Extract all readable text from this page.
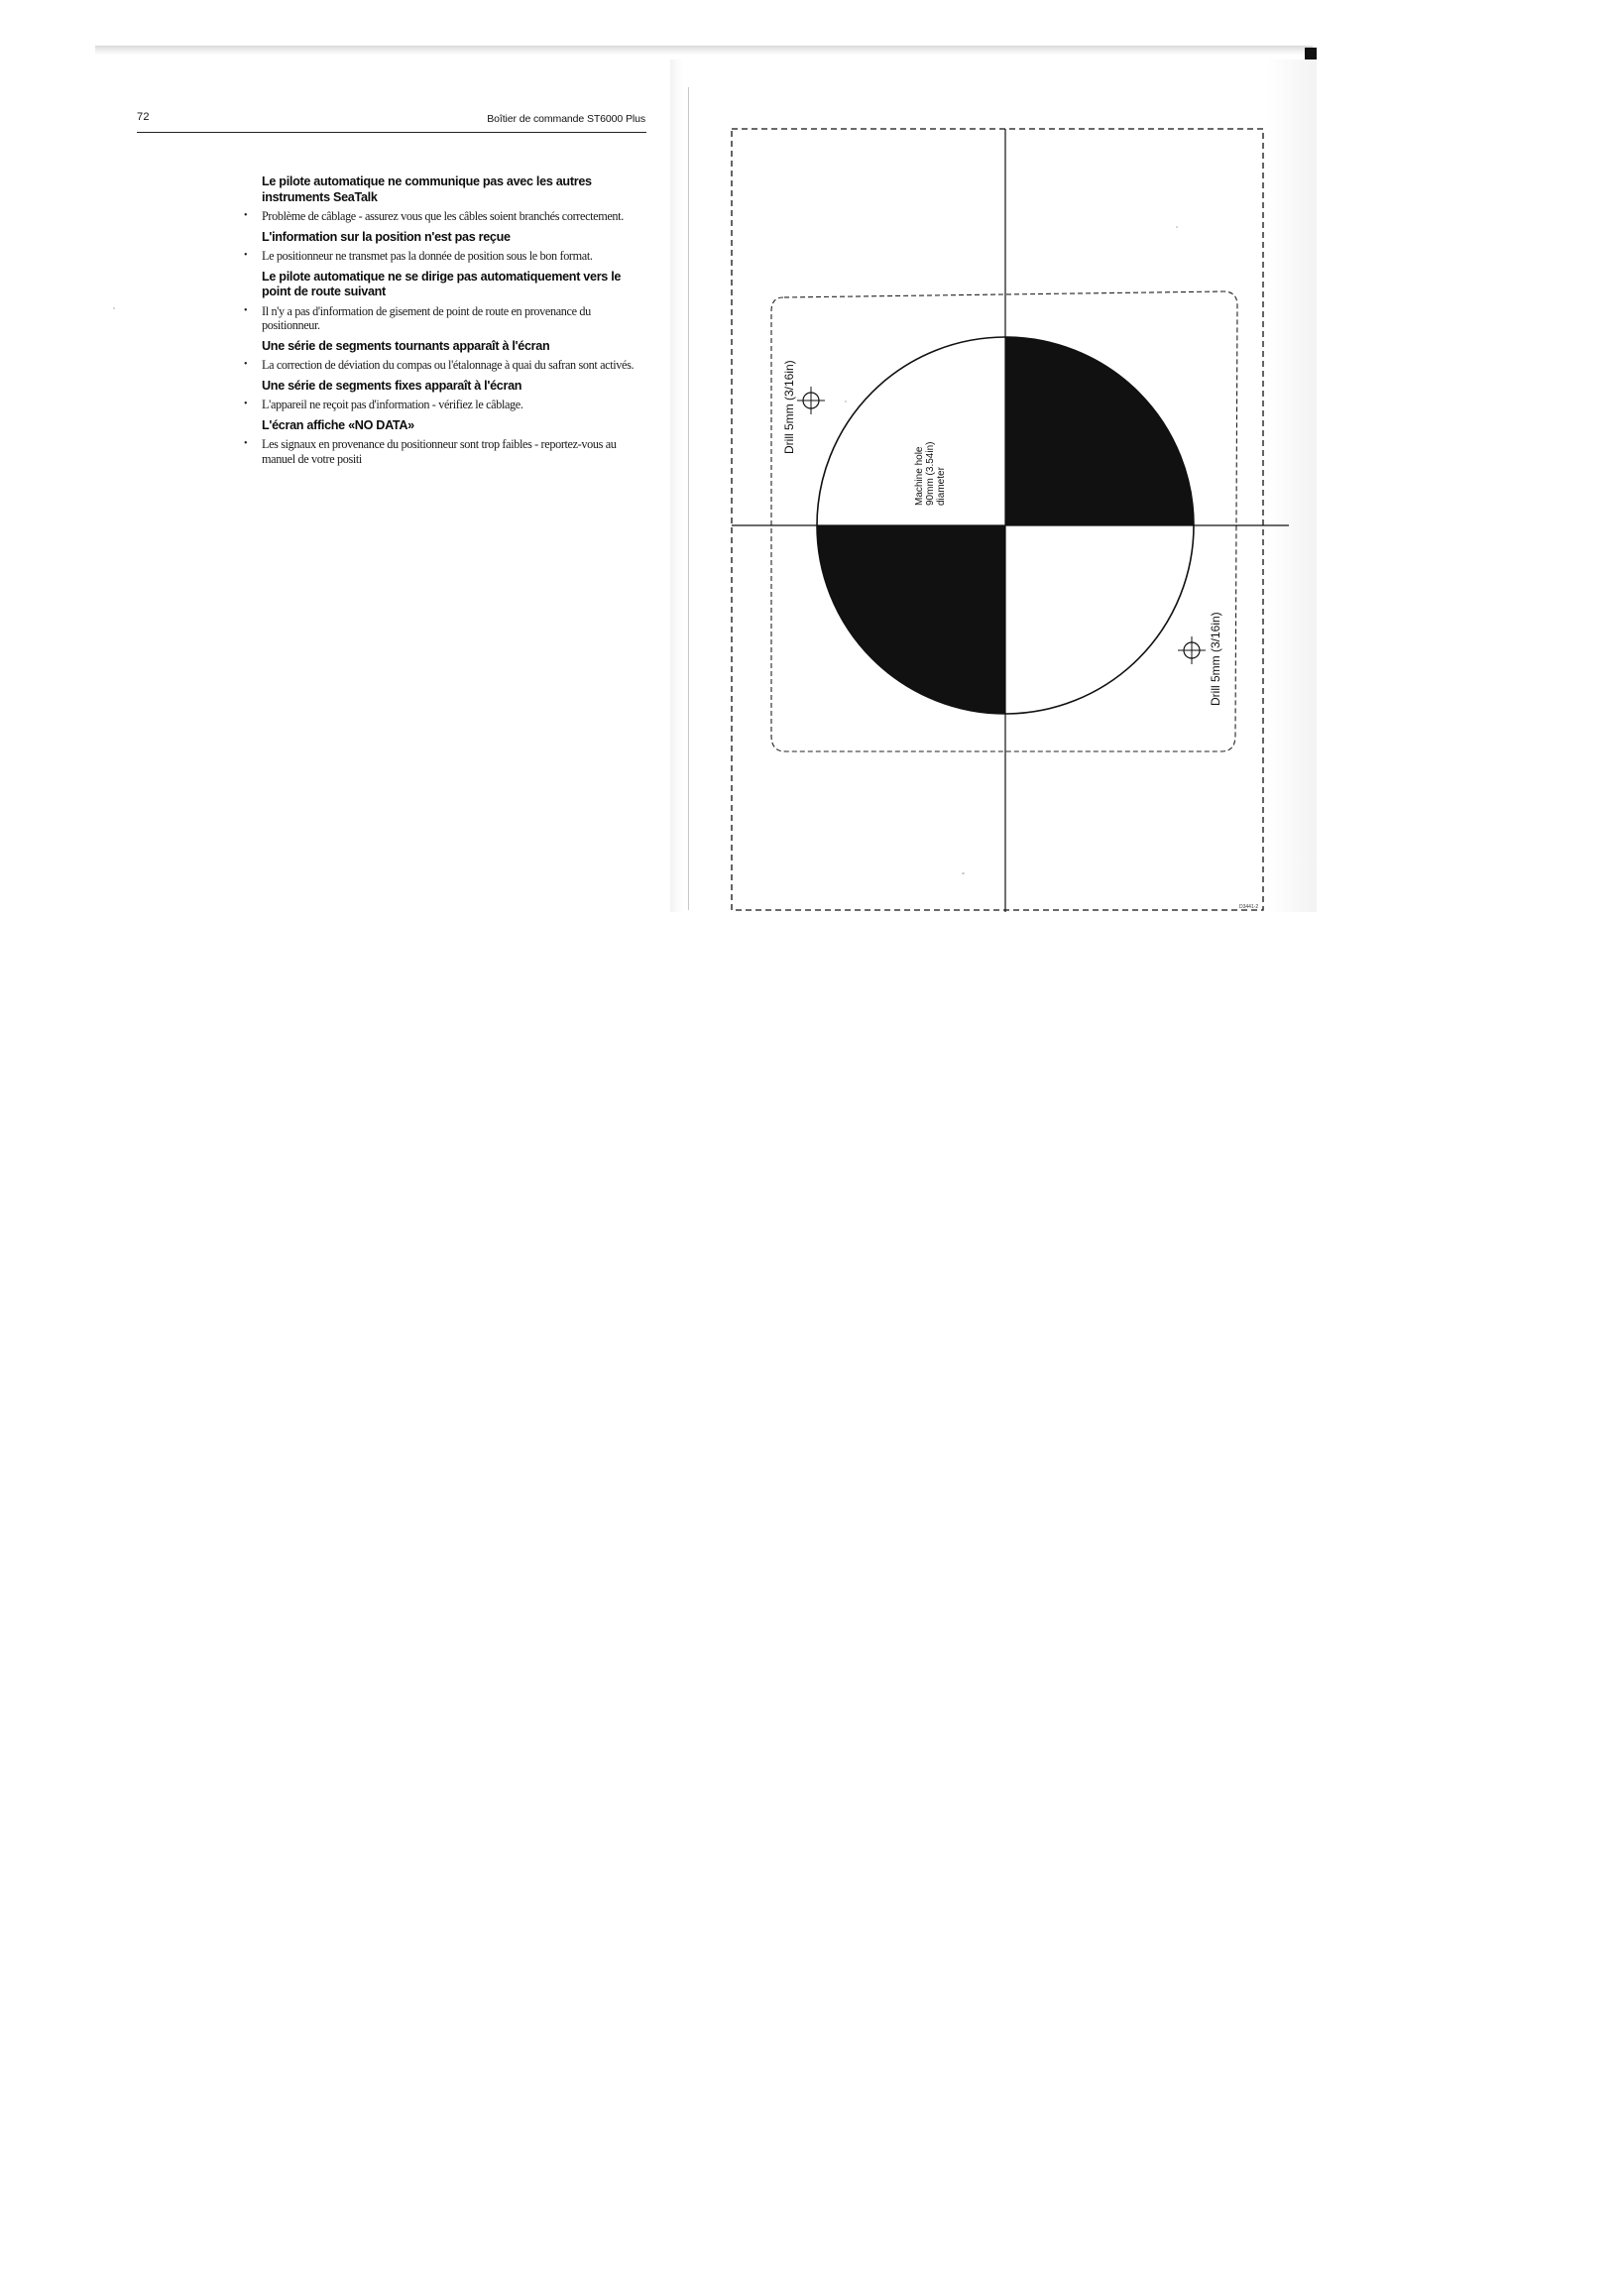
72	Boîtier de commande ST6000 Plus
Le pilote automatique ne communique pas avec les autres instruments SeaTalk
•	Problème de câblage - assurez vous que les câbles soient branchés correctement.
L'information sur la position n'est pas reçue
•	Le positionneur ne transmet pas la donnée de position sous le bon format.
Le pilote automatique ne se dirige pas automatiquement vers le point de route suivant
•	Il n'y a pas d'information de gisement de point de route en provenance du positionneur.
Une série de segments tournants apparaît à l'écran
•	La correction de déviation du compas ou l'étalonnage à quai du safran sont activés.
Une série de segments fixes apparaît à l'écran
•	L'appareil ne reçoit pas d'information - vérifiez le câblage.
L'écran affiche «NO DATA»
•	Les signaux en provenance du positionneur sont trop faibles - reportez-vous au manuel de votre positi
Drill 5mm (3/16in)
Drill 5mm (3/16in)
Machine hole 90mm (3.54in) diameter
D3441-2
